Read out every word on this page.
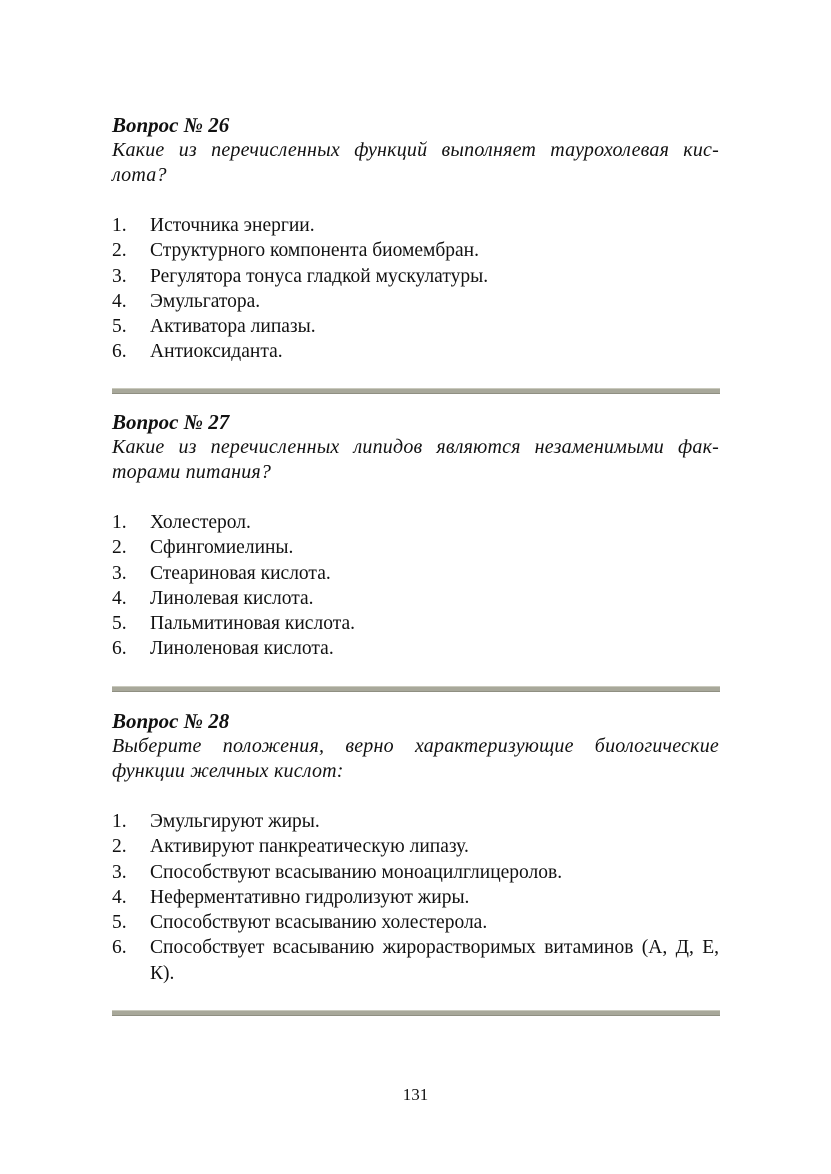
Вопрос № 26

Какие из перечисленных функций выполняет таурохолевая кис-лота?

1.	Источника энергии.
2.	Структурного компонента биомембран.
3.	Регулятора тонуса гладкой мускулатуры.
4.	Эмульгатора.
5.	Активатора липазы.
6.	Антиоксиданта.

Вопрос № 27

Какие из перечисленных липидов являются незаменимыми фак-торами питания?

1.	Холестерол.
2.	Сфингомиелины.
3.	Стеариновая кислота.
4.	Линолевая кислота.
5.	Пальмитиновая кислота.
6.	Линоленовая кислота.

Вопрос № 28

Выберите положения, верно характеризующие биологические функции желчных кислот:

1.	Эмульгируют жиры.
2.	Активируют панкреатическую липазу.
3.	Способствуют всасыванию моноацилглицеролов.
4.	Неферментативно гидролизуют жиры.
5.	Способствуют всасыванию холестерола.
6.	Способствует всасыванию жирорастворимых витаминов (А, Д, Е, К).
131
